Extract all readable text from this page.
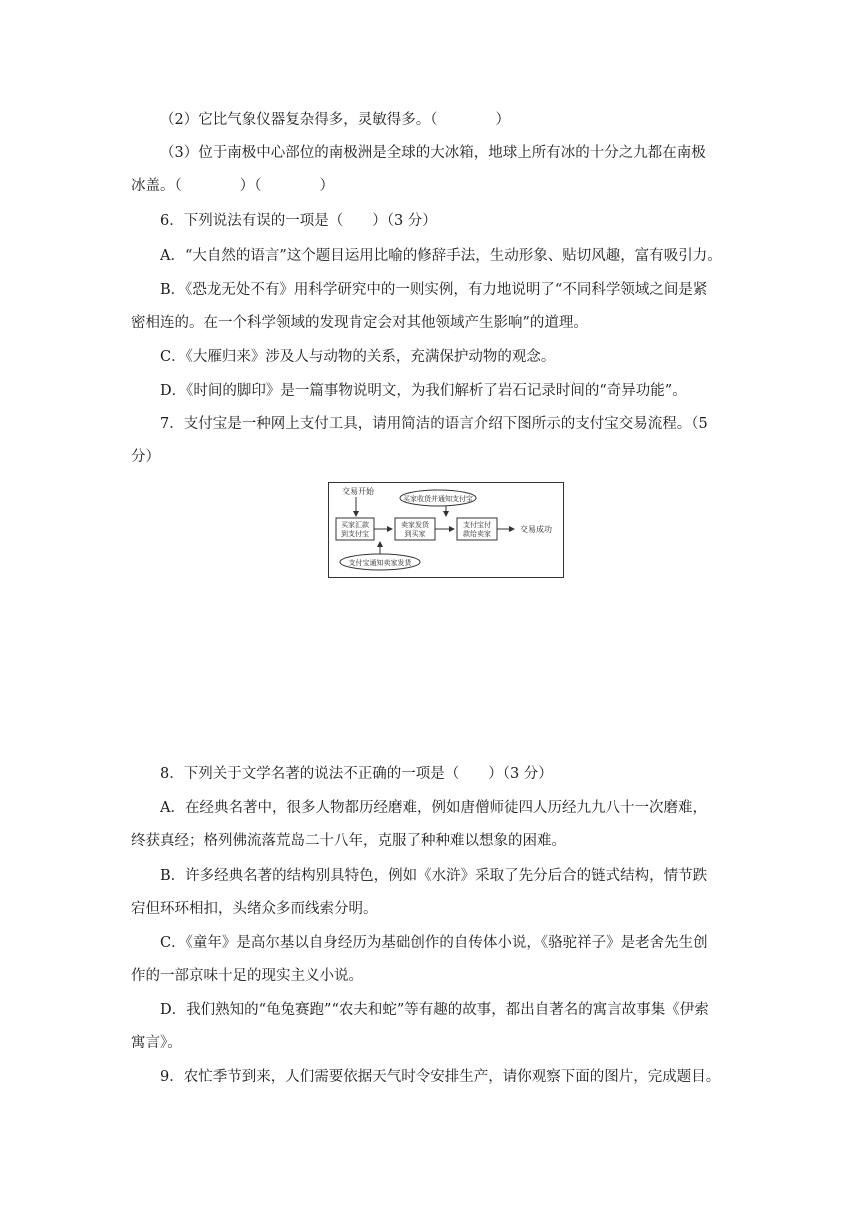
（2）它比气象仪器复杂得多，灵敏得多。（　　　　）

（3）位于南极中心部位的南极洲是全球的大冰箱，地球上所有冰的十分之九都在南极

冰盖。（　　　　）（　　　　）

6．下列说法有误的一项是（　　）（3 分）

A．“大自然的语言”这个题目运用比喻的修辞手法，生动形象、贴切风趣，富有吸引力。

B．《恐龙无处不有》用科学研究中的一则实例，有力地说明了“不同科学领域之间是紧

密相连的。在一个科学领域的发现肯定会对其他领域产生影响”的道理。

C．《大雁归来》涉及人与动物的关系，充满保护动物的观念。

D．《时间的脚印》是一篇事物说明文，为我们解析了岩石记录时间的“奇异功能”。

7．支付宝是一种网上支付工具，请用简洁的语言介绍下图所示的支付宝交易流程。（5

分）

交易开始
买家收货并通知支付宝
买家汇款
到支付宝
卖家发货
到买家
支付宝付
款给卖家	交易成功
支付宝通知卖家发货

8．下列关于文学名著的说法不正确的一项是（　　）（3 分）

A．在经典名著中，很多人物都历经磨难，例如唐僧师徒四人历经九九八十一次磨难，

终获真经；格列佛流落荒岛二十八年，克服了种种难以想象的困难。

B．许多经典名著的结构别具特色，例如《水浒》采取了先分后合的链式结构，情节跌

宕但环环相扣，头绪众多而线索分明。

C．《童年》是高尔基以自身经历为基础创作的自传体小说，《骆驼祥子》是老舍先生创

作的一部京味十足的现实主义小说。

D．我们熟知的“龟兔赛跑”“农夫和蛇”等有趣的故事，都出自著名的寓言故事集《伊索

寓言》。

9．农忙季节到来，人们需要依据天气时令安排生产，请你观察下面的图片，完成题目。
